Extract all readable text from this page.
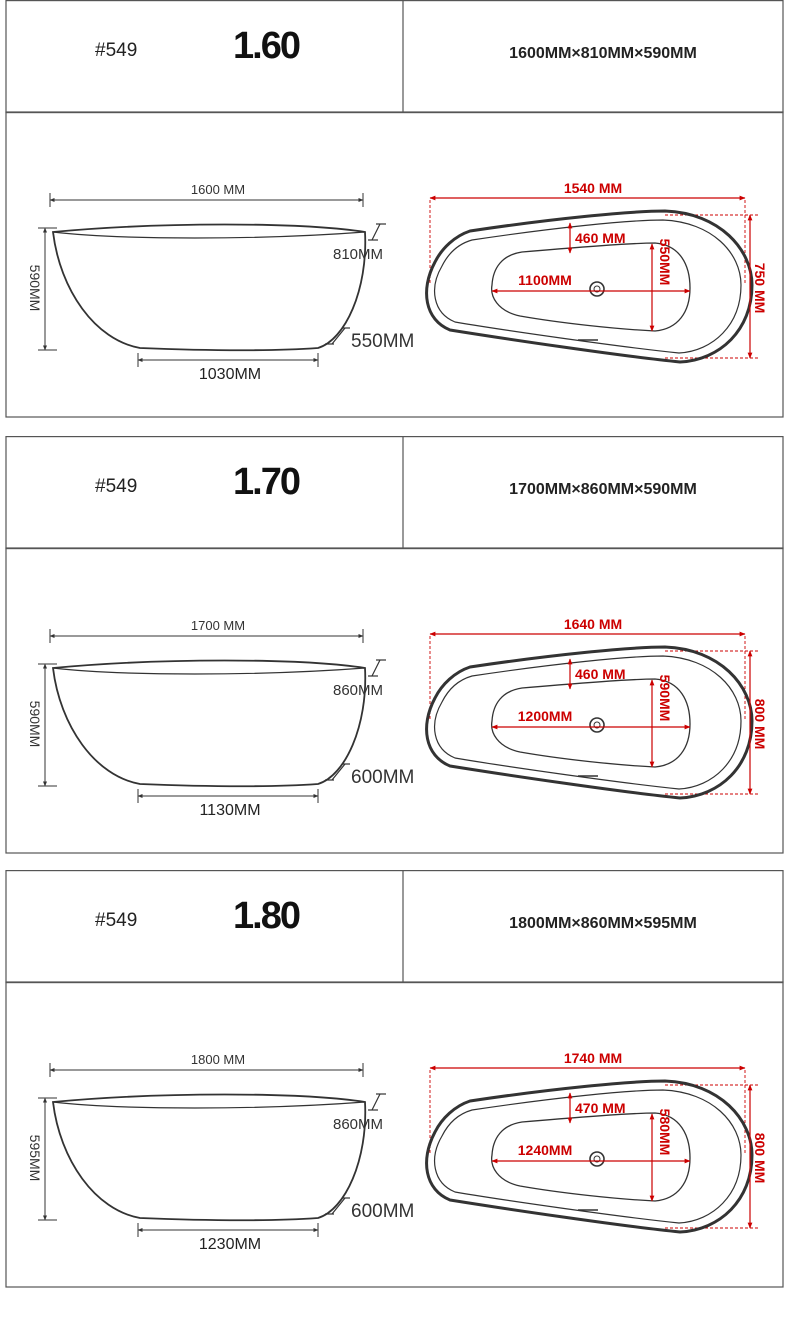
#549	1.60	1600MM×810MM×590MM
1600 MM
590MM
810MM
550MM
1030MM
1540 MM
1100MM	550MM
460 MM
750 MM
#549	1.70	1700MM×860MM×590MM
1700 MM
590MM
860MM
600MM
1130MM
1640 MM
1200MM	590MM
460 MM
800 MM
#549	1.80	1800MM×860MM×595MM
1800 MM
595MM
860MM
600MM
1230MM
1740 MM
1240MM	580MM
470 MM
800 MM
